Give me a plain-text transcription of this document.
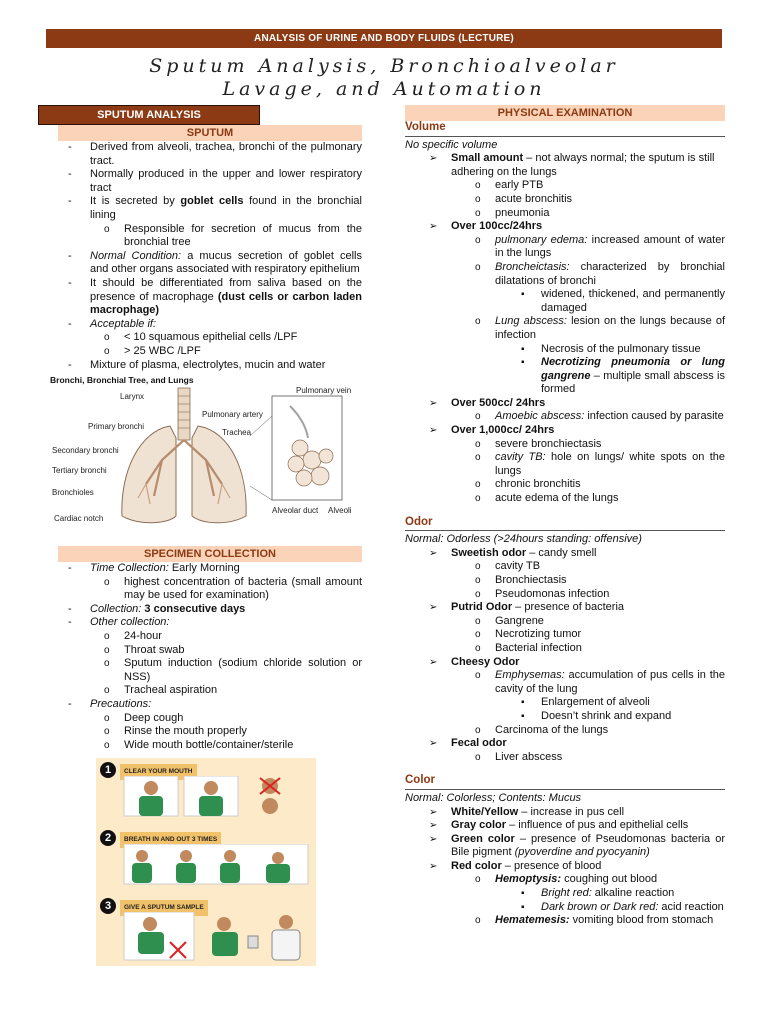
ANALYSIS OF URINE AND BODY FLUIDS (LECTURE)
Sputum Analysis, Bronchioalveolar
Lavage, and Automation
SPUTUM ANALYSIS
SPUTUM
- Derived from alveoli, trachea, bronchi of the pulmonary tract.
- Normally produced in the upper and lower respiratory tract
- It is secreted by goblet cells found in the bronchial lining
o Responsible for secretion of mucus from the bronchial tree
- Normal Condition: a mucus secretion of goblet cells and other organs associated with respiratory epithelium
- It should be differentiated from saliva based on the presence of macrophage (dust cells or carbon laden macrophage)
- Acceptable if:
o < 10 squamous epithelial cells /LPF
o > 25 WBC /LPF
- Mixture of plasma, electrolytes, mucin and water
Bronchi, Bronchial Tree, and Lungs
Larynx
Primary bronchi
Secondary bronchi
Tertiary bronchi
Bronchioles
Cardiac notch
Pulmonary vein
Pulmonary artery
Trachea
Alveolar duct Alveoli
SPECIMEN COLLECTION
- Time Collection: Early Morning
o highest concentration of bacteria (small amount may be used for examination)
- Collection: 3 consecutive days
- Other collection:
o 24-hour
o Throat swab
o Sputum induction (sodium chloride solution or NSS)
o Tracheal aspiration
- Precautions:
o Deep cough
o Rinse the mouth properly
o Wide mouth bottle/container/sterile
1	CLEAR YOUR MOUTH
2	BREATH IN AND OUT 3 TIMES
3	GIVE A SPUTUM SAMPLE
PHYSICAL EXAMINATION
Volume
No specific volume
➢ Small amount – not always normal; the sputum is still adhering on the lungs
o early PTB
o acute bronchitis
o pneumonia
➢ Over 100cc/24hrs
o pulmonary edema: increased amount of water in the lungs
o Broncheictasis: characterized by bronchial dilatations of bronchi
▪ widened, thickened, and permanently damaged
o Lung abscess: lesion on the lungs because of infection
▪ Necrosis of the pulmonary tissue
▪ Necrotizing pneumonia or lung gangrene – multiple small abscess is formed
➢ Over 500cc/ 24hrs
o Amoebic abscess: infection caused by parasite
➢ Over 1,000cc/ 24hrs
o severe bronchiectasis
o cavity TB: hole on lungs/ white spots on the lungs
o chronic bronchitis
o acute edema of the lungs
Odor
Normal: Odorless (>24hours standing: offensive)
➢ Sweetish odor – candy smell
o cavity TB
o Bronchiectasis
o Pseudomonas infection
➢ Putrid Odor – presence of bacteria
o Gangrene
o Necrotizing tumor
o Bacterial infection
➢ Cheesy Odor
o Emphysemas: accumulation of pus cells in the cavity of the lung
▪ Enlargement of alveoli
▪ Doesn’t shrink and expand
o Carcinoma of the lungs
➢ Fecal odor
o Liver abscess
Color
Normal: Colorless; Contents: Mucus
➢ White/Yellow – increase in pus cell
➢ Gray color – influence of pus and epithelial cells
➢ Green color – presence of Pseudomonas bacteria or Bile pigment (pyoverdine and pyocyanin)
➢ Red color – presence of blood
o Hemoptysis: coughing out blood
▪ Bright red: alkaline reaction
▪ Dark brown or Dark red: acid reaction
o Hematemesis: vomiting blood from stomach
